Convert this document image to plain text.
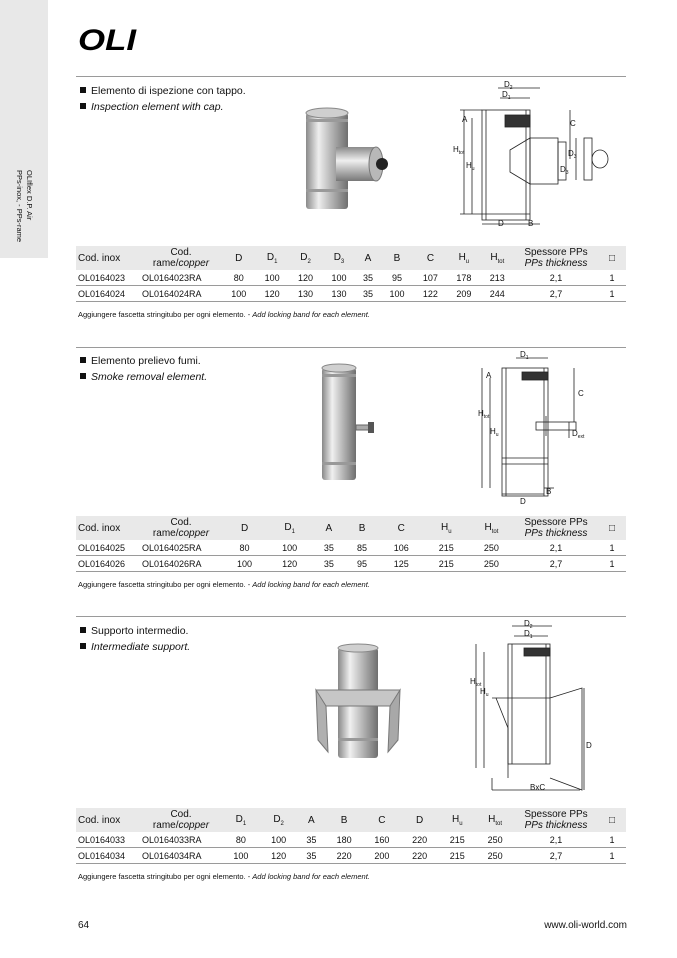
OLIflex D.P. Air
PPs-inox, - PPs-rame
OLI
Elemento di ispezione con tappo.
Inspection element with cap.
$D_2$
$D_1$
A
$H_{tot}$
$H_u$
C
$D_3$
$D_3$
D	B
Cod. inox	Cod.
rame/copper	D	$D_1$	$D_2$	$D_3$	A	B	C	$H_u$	$H_{tot}$	Spessore PPs
PPs thickness	□
OL0164023	OL0164023RA	80	100	120	100	35	95	107	178	213	2,1	1
OL0164024	OL0164024RA	100	120	130	130	35	100	122	209	244	2,7	1
Aggiungere fascetta stringitubo per ogni elemento. - Add locking band for each element.
Elemento prelievo fumi.
Smoke removal element.
$D_1$
A
$H_{tot}$
$H_u$
C
$D_{ext}$
B
D
Cod. inox	Cod.
rame/copper	D	$D_1$	A	B	C	$H_u$	$H_{tot}$	Spessore PPs
PPs thickness	□
OL0164025	OL0164025RA	80	100	35	85	106	215	250	2,1	1
OL0164026	OL0164026RA	100	120	35	95	125	215	250	2,7	1
Aggiungere fascetta stringitubo per ogni elemento. - Add locking band for each element.
Supporto intermedio.
Intermediate support.
$D_2$
$D_1$
$H_{tot}$
$H_u$
D
BxC
Cod. inox	Cod.
rame/copper	$D_1$	$D_2$	A	B	C	D	$H_u$	$H_{tot}$	Spessore PPs
PPs thickness	□
OL0164033	OL0164033RA	80	100	35	180	160	220	215	250	2,1	1
OL0164034	OL0164034RA	100	120	35	220	200	220	215	250	2,7	1
Aggiungere fascetta stringitubo per ogni elemento. - Add locking band for each element.
64	www.oli-world.com
